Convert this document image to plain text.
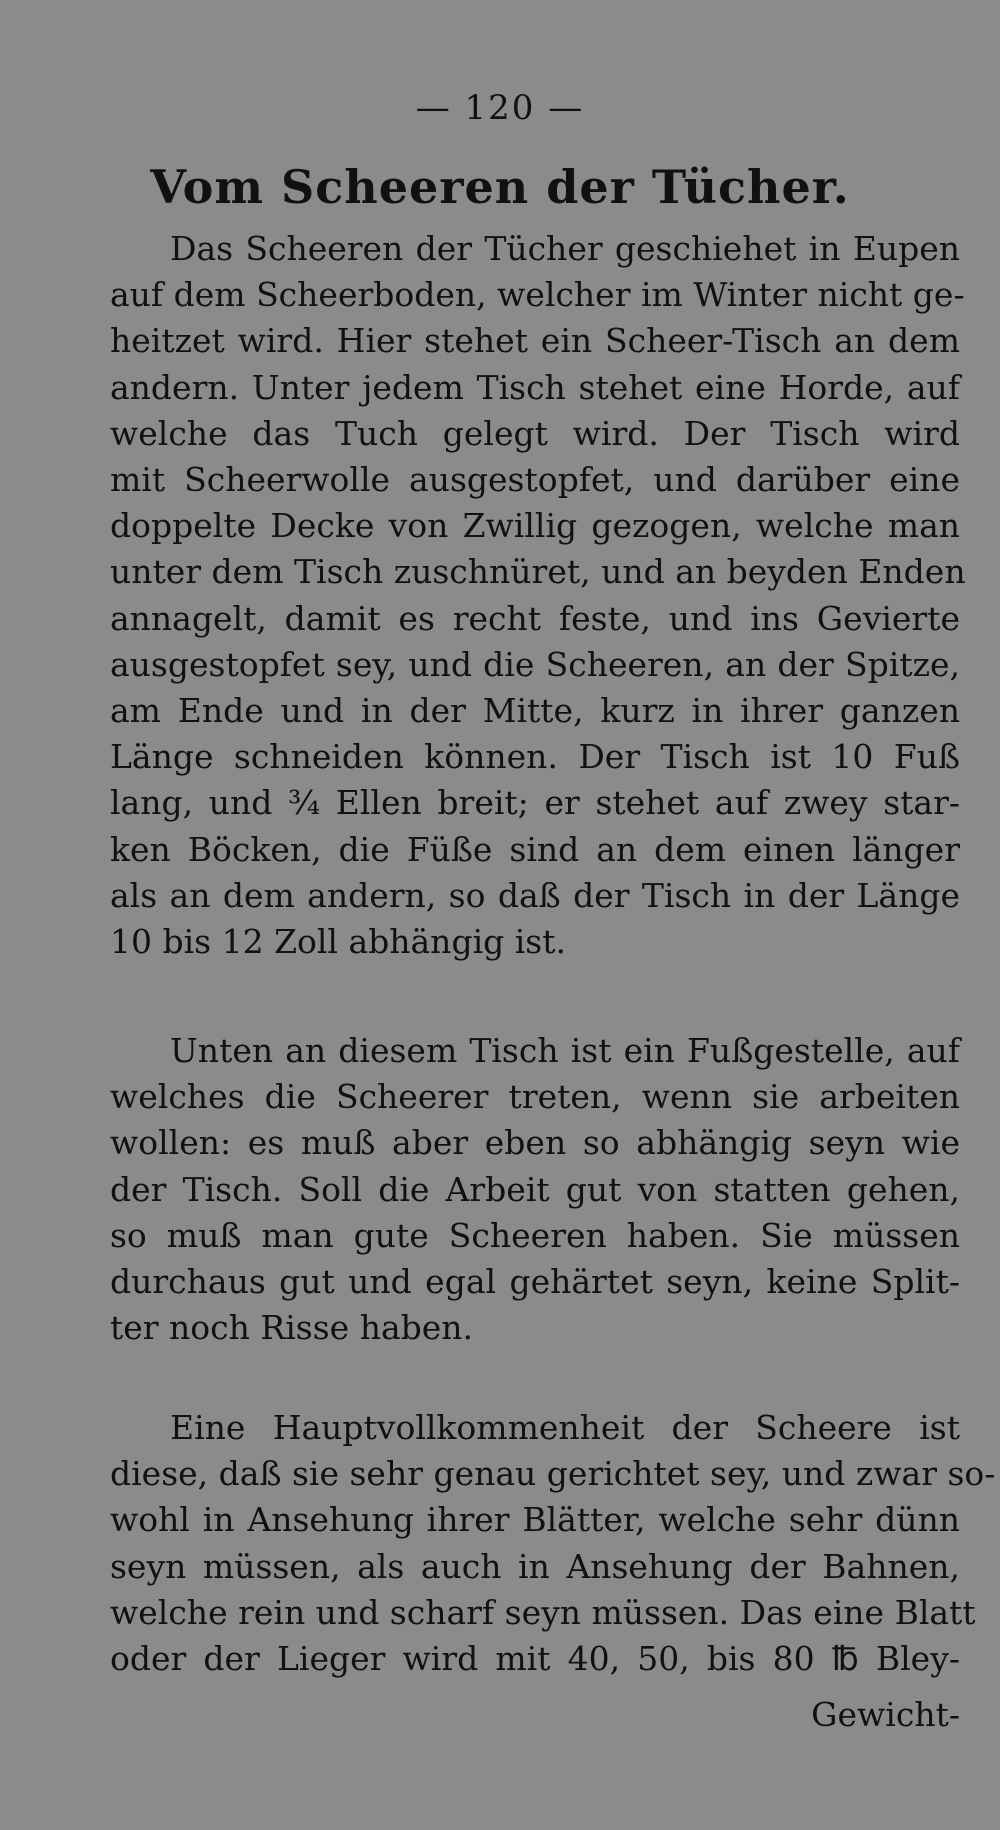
— 120 —
Vom Scheeren der Tücher.
Das Scheeren der Tücher geschiehet in Eupen
auf dem Scheerboden, welcher im Winter nicht ge-
heitzet wird. Hier stehet ein Scheer-Tisch an dem
andern. Unter jedem Tisch stehet eine Horde, auf
welche das Tuch gelegt wird. Der Tisch wird
mit Scheerwolle ausgestopfet, und darüber eine
doppelte Decke von Zwillig gezogen, welche man
unter dem Tisch zuschnüret, und an beyden Enden
annagelt, damit es recht feste, und ins Gevierte
ausgestopfet sey, und die Scheeren, an der Spitze,
am Ende und in der Mitte, kurz in ihrer ganzen
Länge schneiden können. Der Tisch ist 10 Fuß
lang, und ¾ Ellen breit; er stehet auf zwey star-
ken Böcken, die Füße sind an dem einen länger
als an dem andern, so daß der Tisch in der Länge
10 bis 12 Zoll abhängig ist.
Unten an diesem Tisch ist ein Fußgestelle, auf
welches die Scheerer treten, wenn sie arbeiten
wollen: es muß aber eben so abhängig seyn wie
der Tisch. Soll die Arbeit gut von statten gehen,
so muß man gute Scheeren haben. Sie müssen
durchaus gut und egal gehärtet seyn, keine Split-
ter noch Risse haben.
Eine Hauptvollkommenheit der Scheere ist
diese, daß sie sehr genau gerichtet sey, und zwar so-
wohl in Ansehung ihrer Blätter, welche sehr dünn
seyn müssen, als auch in Ansehung der Bahnen,
welche rein und scharf seyn müssen. Das eine Blatt
oder der Lieger wird mit 40, 50, bis 80 ℔ Bley-
Gewicht-
